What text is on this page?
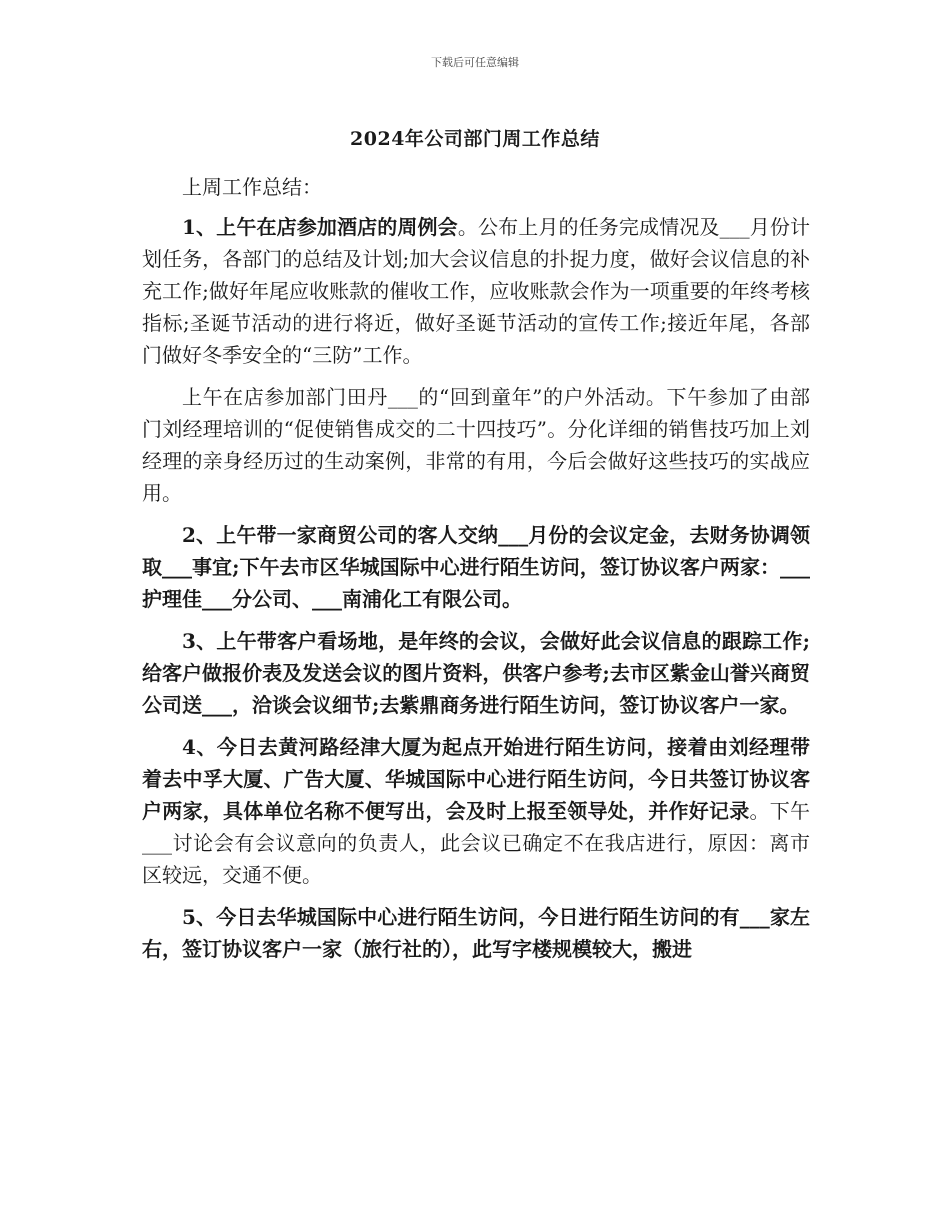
下载后可任意编辑
2024年公司部门周工作总结

上周工作总结：

1、上午在店参加酒店的周例会。公布上月的任务完成情况及___月份计划任务，各部门的总结及计划;加大会议信息的扑捉力度，做好会议信息的补充工作;做好年尾应收账款的催收工作，应收账款会作为一项重要的年终考核指标;圣诞节活动的进行将近，做好圣诞节活动的宣传工作;接近年尾，各部门做好冬季安全的“三防”工作。

上午在店参加部门田丹___的“回到童年”的户外活动。下午参加了由部门刘经理培训的“促使销售成交的二十四技巧”。分化详细的销售技巧加上刘经理的亲身经历过的生动案例，非常的有用，今后会做好这些技巧的实战应用。

2、上午带一家商贸公司的客人交纳___月份的会议定金，去财务协调领取___事宜;下午去市区华城国际中心进行陌生访问，签订协议客户两家：___护理佳___分公司、___南浦化工有限公司。

3、上午带客户看场地，是年终的会议，会做好此会议信息的跟踪工作;给客户做报价表及发送会议的图片资料，供客户参考;去市区紫金山誉兴商贸公司送___，洽谈会议细节;去紫鼎商务进行陌生访问，签订协议客户一家。

4、今日去黄河路经津大厦为起点开始进行陌生访问，接着由刘经理带着去中孚大厦、广告大厦、华城国际中心进行陌生访问，今日共签订协议客户两家，具体单位名称不便写出，会及时上报至领导处，并作好记录。下午___讨论会有会议意向的负责人，此会议已确定不在我店进行，原因：离市区较远，交通不便。

5、今日去华城国际中心进行陌生访问，今日进行陌生访问的有___家左右，签订协议客户一家（旅行社的），此写字楼规模较大，搬进
